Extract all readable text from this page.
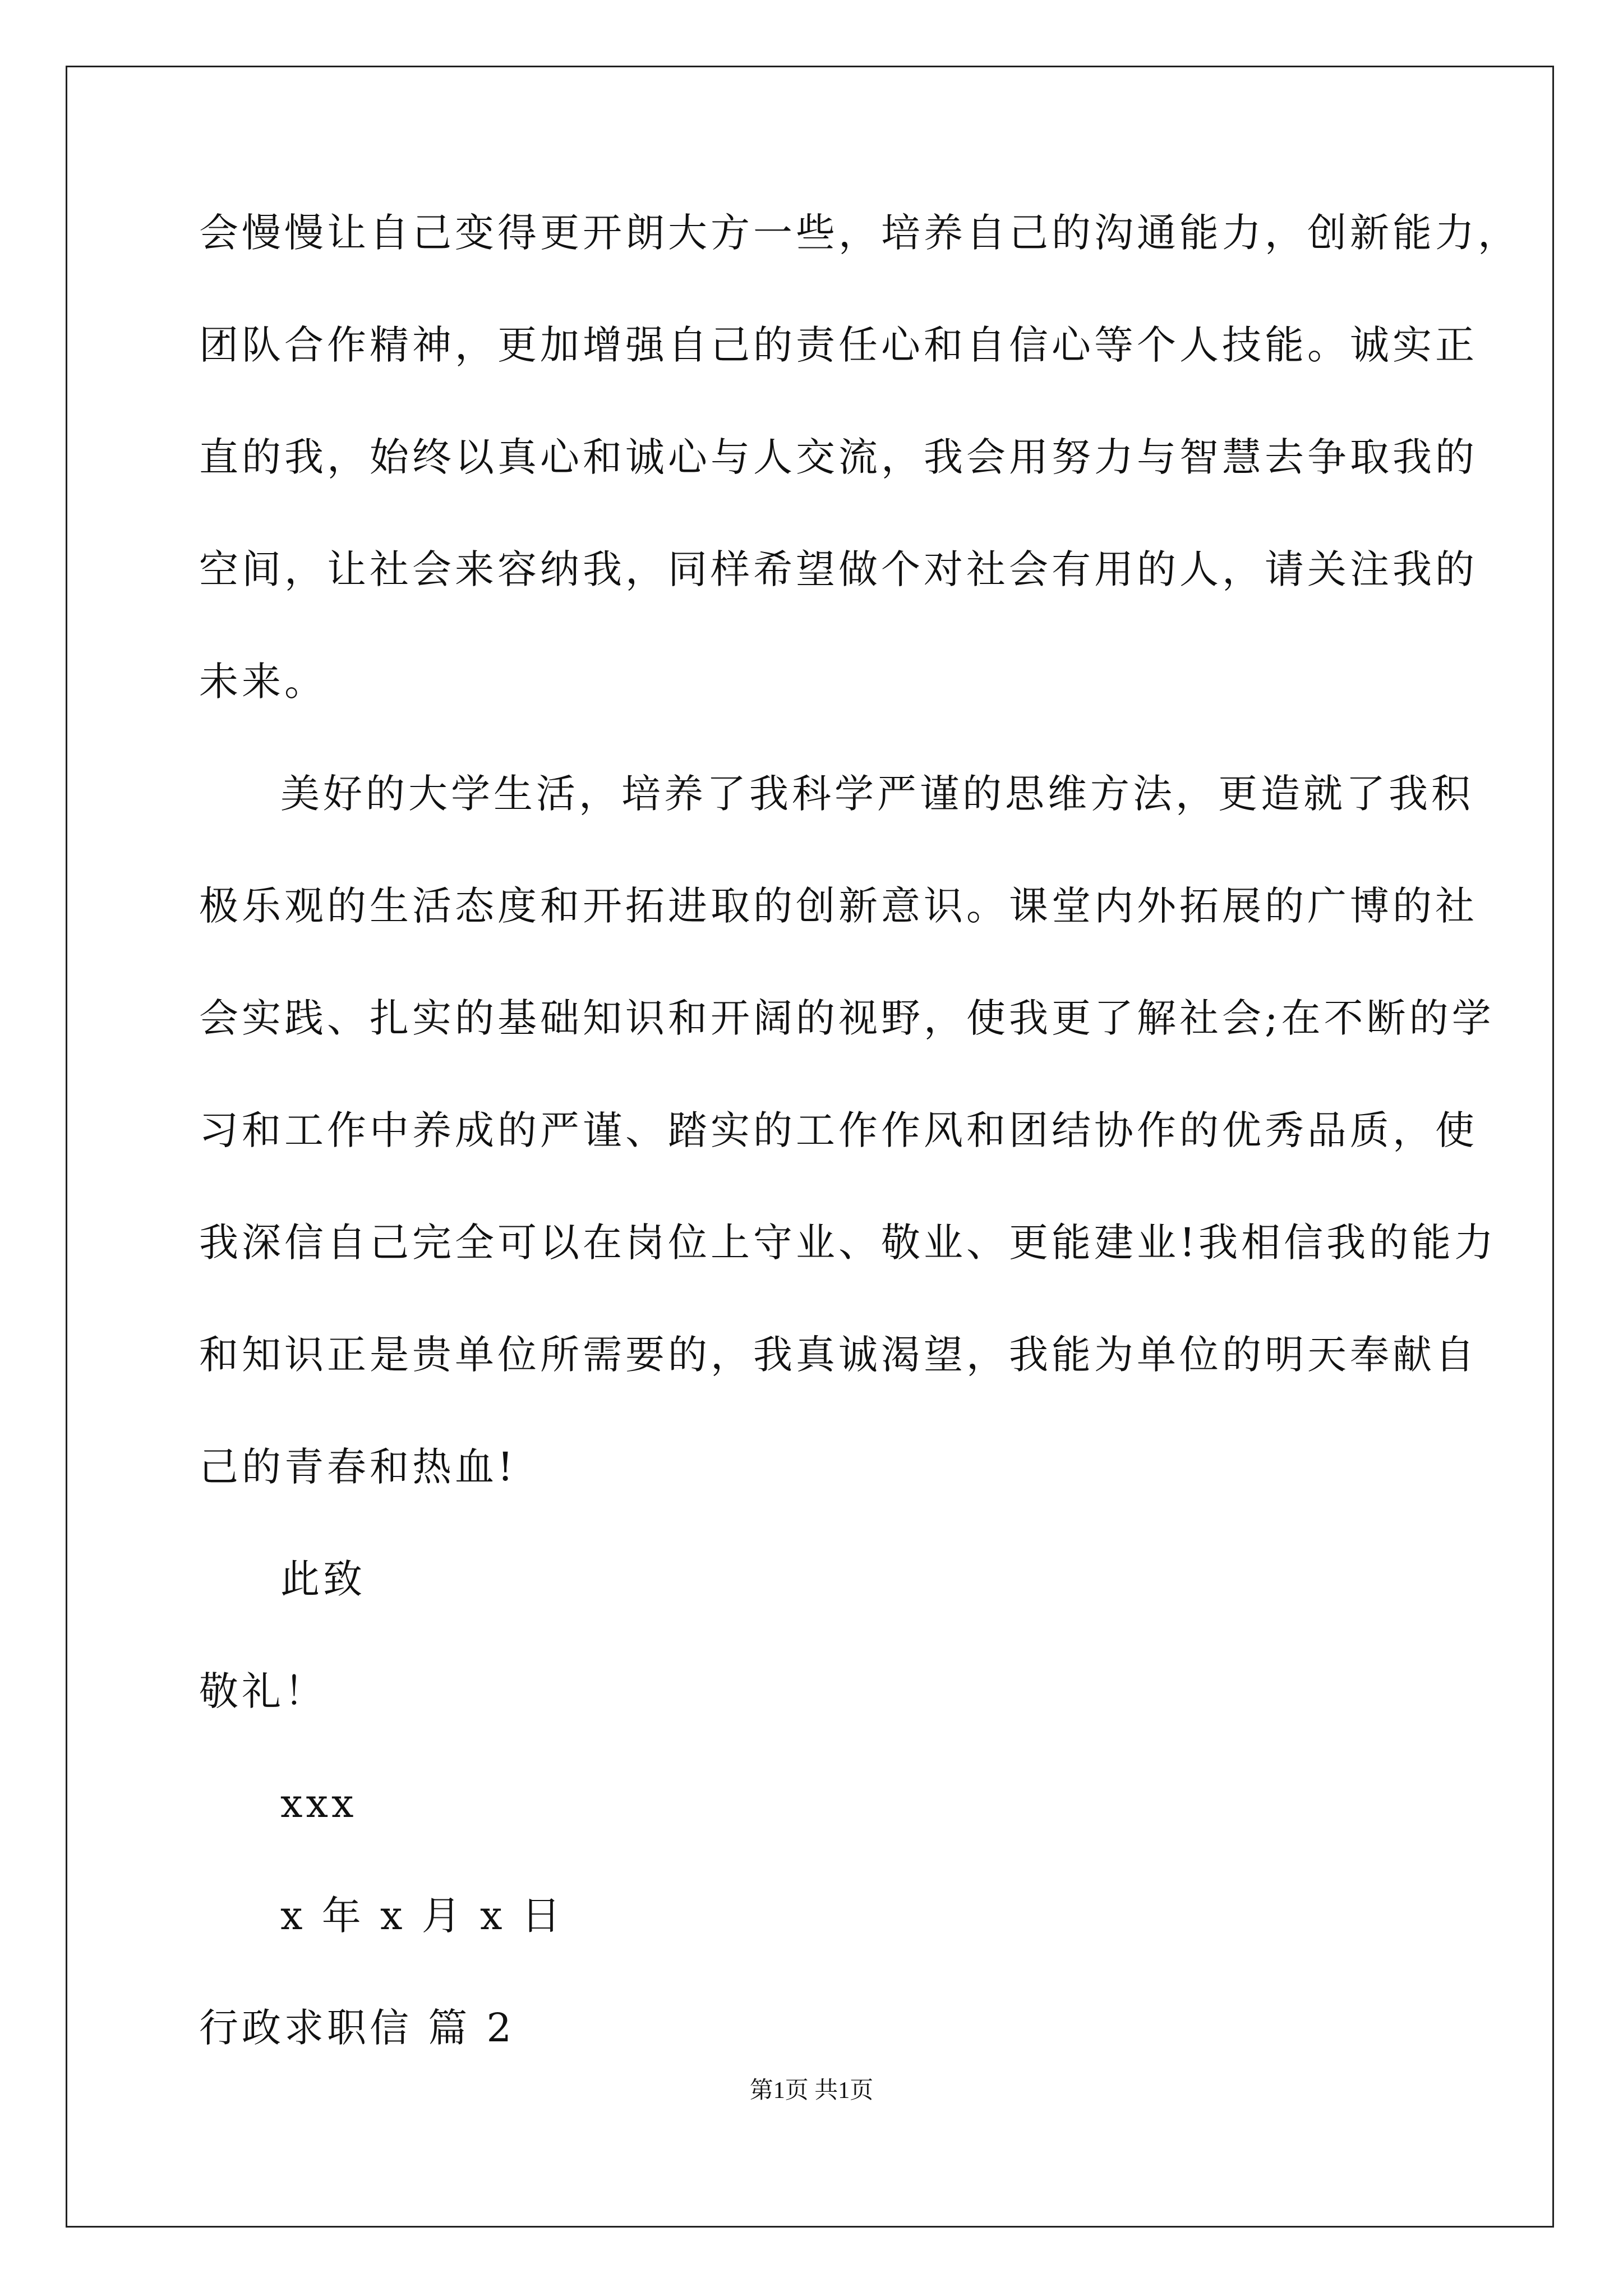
会慢慢让自己变得更开朗大方一些，培养自己的沟通能力，创新能力，
团队合作精神，更加增强自己的责任心和自信心等个人技能。诚实正
直的我，始终以真心和诚心与人交流，我会用努力与智慧去争取我的
空间，让社会来容纳我，同样希望做个对社会有用的人，请关注我的
未来。
美好的大学生活，培养了我科学严谨的思维方法，更造就了我积
极乐观的生活态度和开拓进取的创新意识。课堂内外拓展的广博的社
会实践、扎实的基础知识和开阔的视野，使我更了解社会;在不断的学
习和工作中养成的严谨、踏实的工作作风和团结协作的优秀品质，使
我深信自己完全可以在岗位上守业、敬业、更能建业!我相信我的能力
和知识正是贵单位所需要的，我真诚渴望，我能为单位的明天奉献自
己的青春和热血!
此致
敬礼！
xxx
x 年 x 月 x 日
行政求职信 篇 2
第1页 共1页
